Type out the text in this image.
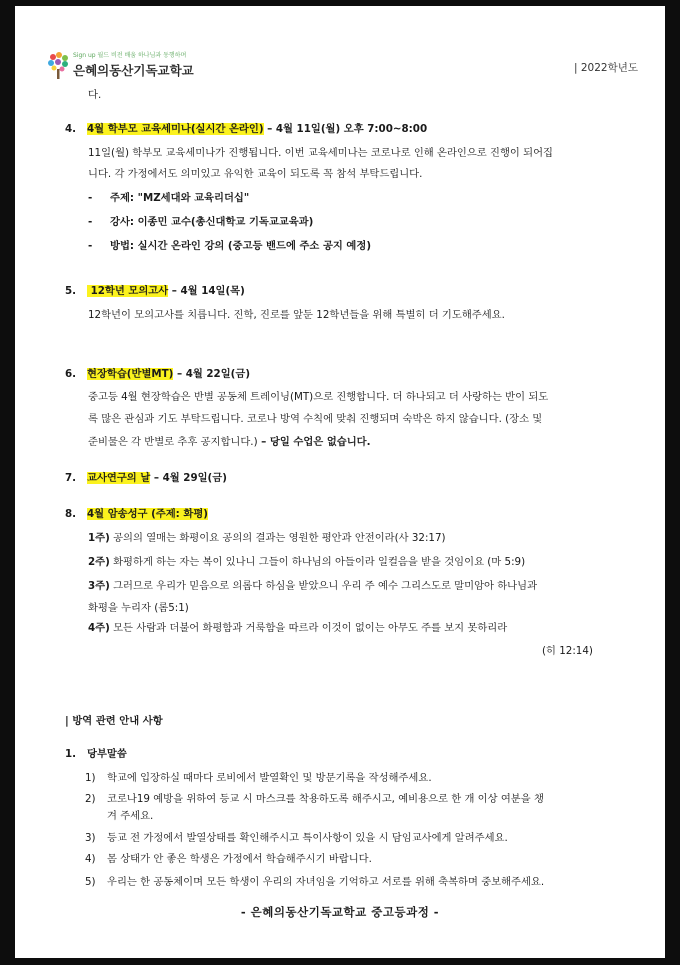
Sign up 월드 비전 배움 하나님과 동행하며
은혜의동산기독교학교	| 2022학년도
다.
4. 4월 학부모 교육세미나(실시간 온라인) – 4월 11일(월) 오후 7:00~8:00
11일(월) 학부모 교육세미나가 진행됩니다. 이번 교육세미나는 코로나로 인해 온라인으로 진행이 되어집
니다. 각 가정에서도 의미있고 유익한 교육이 되도록 꼭 참석 부탁드립니다.
- 주제: "MZ세대와 교육리더십"
- 강사: 이종민 교수(총신대학교 기독교교육과)
- 방법: 실시간 온라인 강의 (중고등 밴드에 주소 공지 예정)
5. 12학년 모의고사 – 4월 14일(목)
12학년이 모의고사를 치릅니다. 진학, 진로를 앞둔 12학년들을 위해 특별히 더 기도해주세요.
6. 현장학습(반별MT) – 4월 22일(금)
중고등 4월 현장학습은 반별 공동체 트레이닝(MT)으로 진행합니다. 더 하나되고 더 사랑하는 반이 되도
록 많은 관심과 기도 부탁드립니다. 코로나 방역 수칙에 맞춰 진행되며 숙박은 하지 않습니다. (장소 및
준비물은 각 반별로 추후 공지합니다.) – 당일 수업은 없습니다.
7. 교사연구의 날 – 4월 29일(금)
8. 4월 암송성구 (주제: 화평)
1주) 공의의 열매는 화평이요 공의의 결과는 영원한 평안과 안전이라(사 32:17)
2주) 화평하게 하는 자는 복이 있나니 그들이 하나님의 아들이라 일컬음을 받을 것임이요 (마 5:9)
3주) 그러므로 우리가 믿음으로 의롭다 하심을 받았으니 우리 주 예수 그리스도로 말미암아 하나님과
화평을 누리자 (롬5:1)
4주) 모든 사람과 더불어 화평함과 거룩함을 따르라 이것이 없이는 아무도 주를 보지 못하리라
(히 12:14)
| 방역 관련 안내 사항
1. 당부말씀
1) 학교에 입장하실 때마다 로비에서 발열확인 및 방문기록을 작성해주세요.
2) 코로나19 예방을 위하여 등교 시 마스크를 착용하도록 해주시고, 예비용으로 한 개 이상 여분을 챙
겨 주세요.
3) 등교 전 가정에서 발열상태를 확인해주시고 특이사항이 있을 시 담임교사에게 알려주세요.
4) 몸 상태가 안 좋은 학생은 가정에서 학습해주시기 바랍니다.
5) 우리는 한 공동체이며 모든 학생이 우리의 자녀임을 기억하고 서로를 위해 축복하며 중보해주세요.
- 은혜의동산기독교학교 중고등과정 -
